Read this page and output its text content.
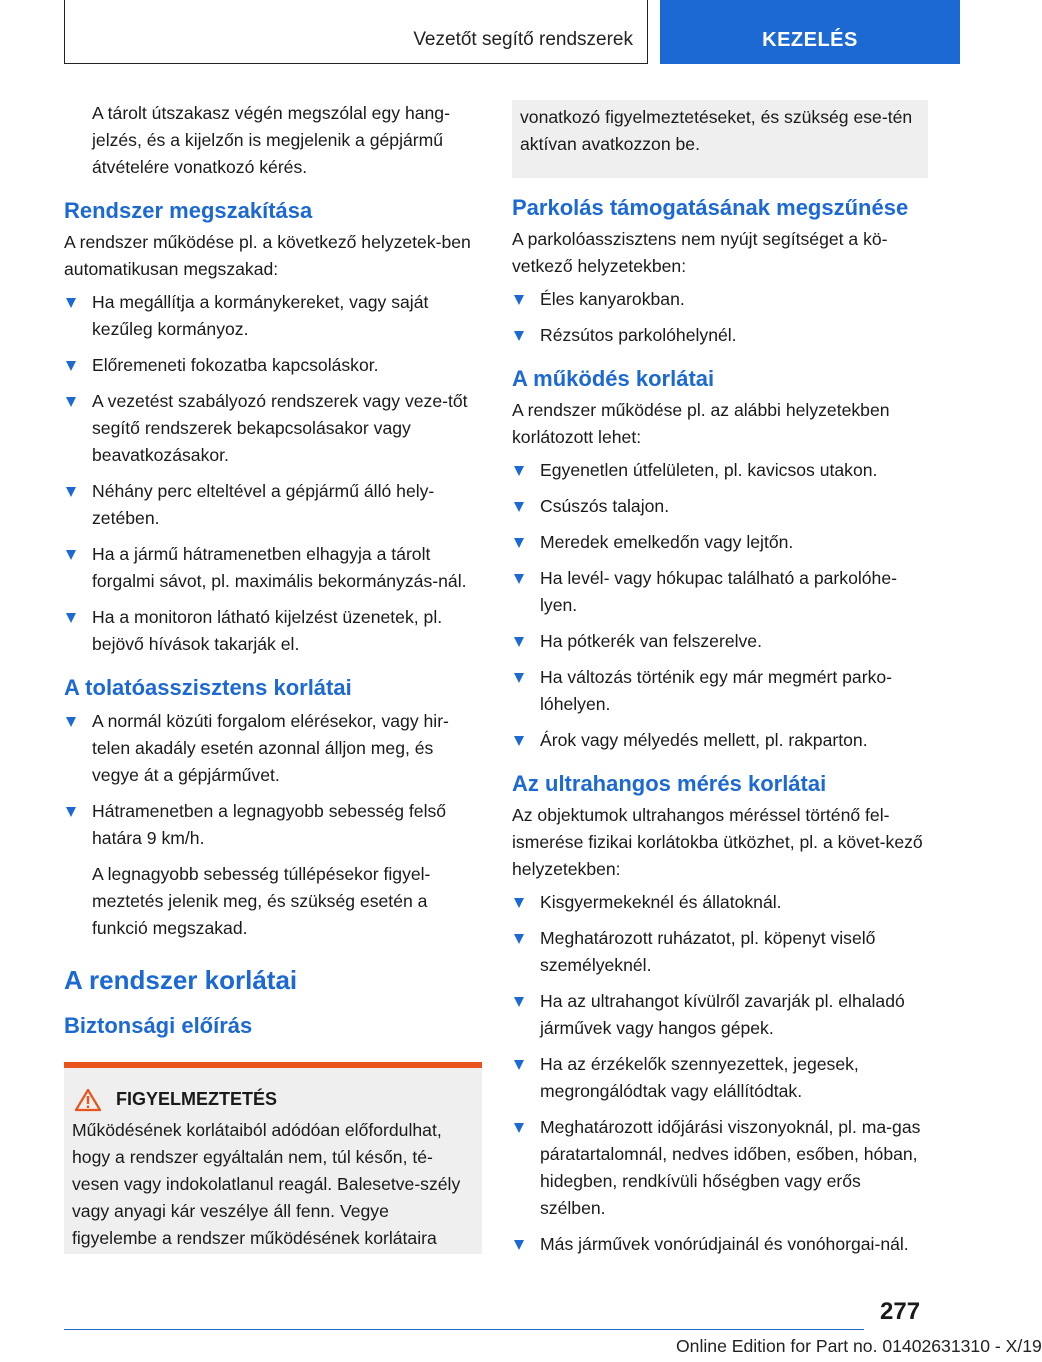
Vezetőt segítő rendszerek	KEZELÉS

A tárolt útszakasz végén megszólal egy hang-jelzés, és a kijelzőn is megjelenik a gépjármű átvételére vonatkozó kérés.

Rendszer megszakítása

A rendszer működése pl. a következő helyzetek-ben automatikusan megszakad:

Ha megállítja a kormánykereket, vagy saját kezűleg kormányoz.
Előremeneti fokozatba kapcsoláskor.
A vezetést szabályozó rendszerek vagy veze-tőt segítő rendszerek bekapcsolásakor vagy beavatkozásakor.
Néhány perc elteltével a gépjármű álló hely-zetében.
Ha a jármű hátramenetben elhagyja a tárolt forgalmi sávot, pl. maximális bekormányzás-nál.
Ha a monitoron látható kijelzést üzenetek, pl. bejövő hívások takarják el.
A tolatóasszisztens korlátai
A normál közúti forgalom elérésekor, vagy hir-telen akadály esetén azonnal álljon meg, és vegye át a gépjárművet.
Hátramenetben a legnagyobb sebesség felső határa 9 km/h.

A legnagyobb sebesség túllépésekor figyel-meztetés jelenik meg, és szükség esetén a funkció megszakad.

A rendszer korlátai
Biztonsági előírás
FIGYELMEZTETÉS
Működésének korlátaiból adódóan előfordulhat, hogy a rendszer egyáltalán nem, túl későn, té-vesen vagy indokolatlanul reagál. Balesetve-szély vagy anyagi kár veszélye áll fenn. Vegye figyelembe a rendszer működésének korlátaira
vonatkozó figyelmeztetéseket, és szükség ese-tén aktívan avatkozzon be.
Parkolás támogatásának megszűnése

A parkolóasszisztens nem nyújt segítséget a kö-vetkező helyzetekben:

Éles kanyarokban.
Rézsútos parkolóhelynél.
A működés korlátai

A rendszer működése pl. az alábbi helyzetekben korlátozott lehet:

Egyenetlen útfelületen, pl. kavicsos utakon.
Csúszós talajon.
Meredek emelkedőn vagy lejtőn.
Ha levél- vagy hókupac található a parkolóhe-lyen.
Ha pótkerék van felszerelve.
Ha változás történik egy már megmért parko-lóhelyen.
Árok vagy mélyedés mellett, pl. rakparton.
Az ultrahangos mérés korlátai

Az objektumok ultrahangos méréssel történő fel-ismerése fizikai korlátokba ütközhet, pl. a követ-kező helyzetekben:

Kisgyermekeknél és állatoknál.
Meghatározott ruházatot, pl. köpenyt viselő személyeknél.
Ha az ultrahangot kívülről zavarják pl. elhaladó járművek vagy hangos gépek.
Ha az érzékelők szennyezettek, jegesek, megrongálódtak vagy elállítódtak.
Meghatározott időjárási viszonyoknál, pl. ma-gas páratartalomnál, nedves időben, esőben, hóban, hidegben, rendkívüli hőségben vagy erős szélben.
Más járművek vonórúdjainál és vonóhorgai-nál.
277
Online Edition for Part no. 01402631310 - X/19
